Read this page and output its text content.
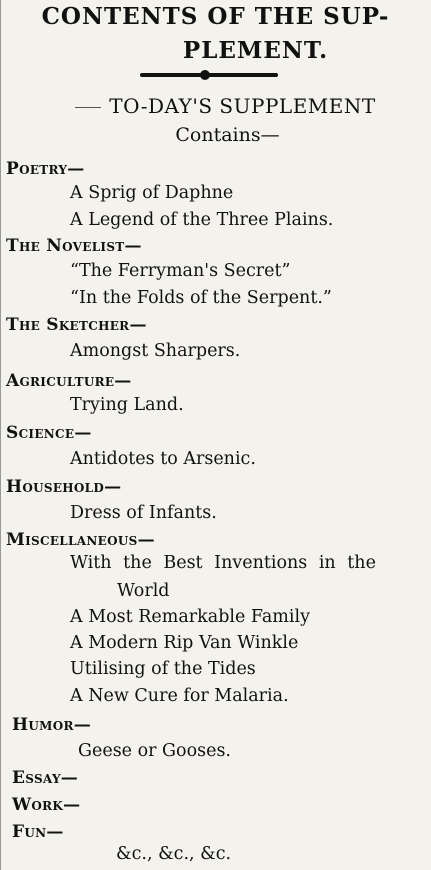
CONTENTS OF THE SUP-
PLEMENT.
TO-DAY'S SUPPLEMENT
Contains—
Poetry—
A Sprig of Daphne
A Legend of the Three Plains.
The Novelist—
“The Ferryman's Secret”
“In the Folds of the Serpent.”
The Sketcher—
Amongst Sharpers.
Agriculture—
Trying Land.
Science—
Antidotes to Arsenic.
Household—
Dress of Infants.
Miscellaneous—
With the Best Inventions in the
World
A Most Remarkable Family
A Modern Rip Van Winkle
Utilising of the Tides
A New Cure for Malaria.
Humor—
Geese or Gooses.
Essay—
Work—
Fun—
&c., &c., &c.
